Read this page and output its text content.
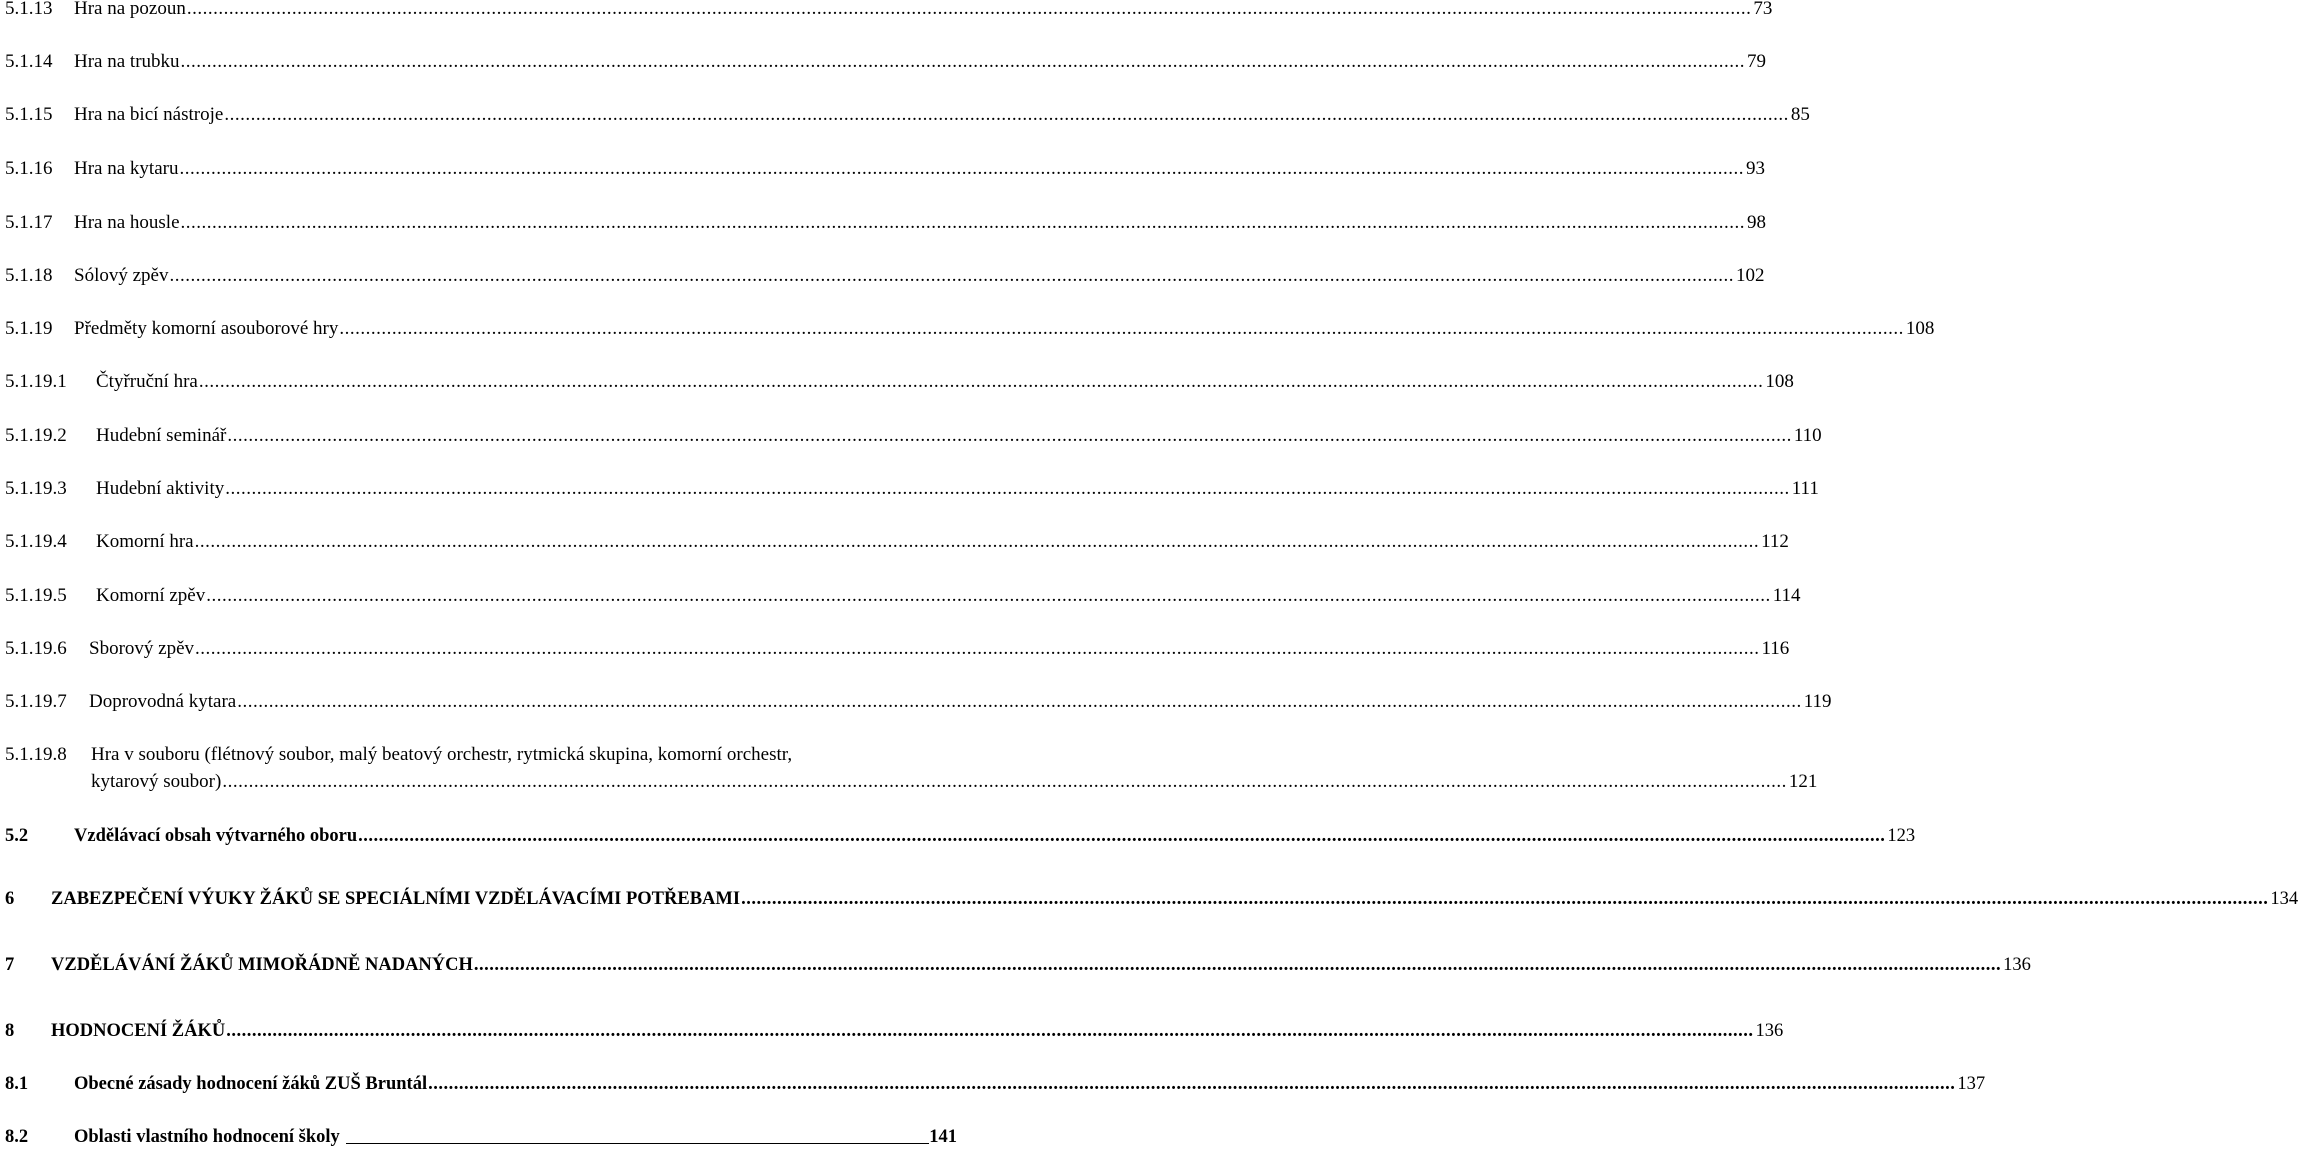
5.1.13	Hra na pozoun .....	73
5.1.14	Hra na trubku .....	79
5.1.15	Hra na bicí nástroje .....	85
5.1.16	Hra na kytaru .....	93
5.1.17	Hra na housle .....	98
5.1.18	Sólový zpěv .....	102
5.1.19	Předměty komorní asouborové hry .....	108
5.1.19.1	Čtyřruční hra .....	108
5.1.19.2	Hudební seminář .....	110
5.1.19.3	Hudební aktivity .....	111
5.1.19.4	Komorní hra .....	112
5.1.19.5	Komorní zpěv .....	114
5.1.19.6	Sborový zpěv .....	116
5.1.19.7	Doprovodná kytara .....	119
5.1.19.8 Hra v souboru (flétnový soubor, malý beatový orchestr, rytmická skupina, komorní orchestr,
kytarový soubor) .....	121
5.2	Vzdělávací obsah výtvarného oboru .....	123
6	ZABEZPEČENÍ VÝUKY ŽÁKŮ SE SPECIÁLNÍMI VZDĚLÁVACÍMI POTŘEBAMI .....	134
7	VZDĚLÁVÁNÍ ŽÁKŮ MIMOŘÁDNĚ NADANÝCH .....	136
8	HODNOCENÍ ŽÁKŮ .....	136
8.1	Obecné zásady hodnocení žáků ZUŠ Bruntál .....	137
8.2	Oblasti vlastního hodnocení školy	141
